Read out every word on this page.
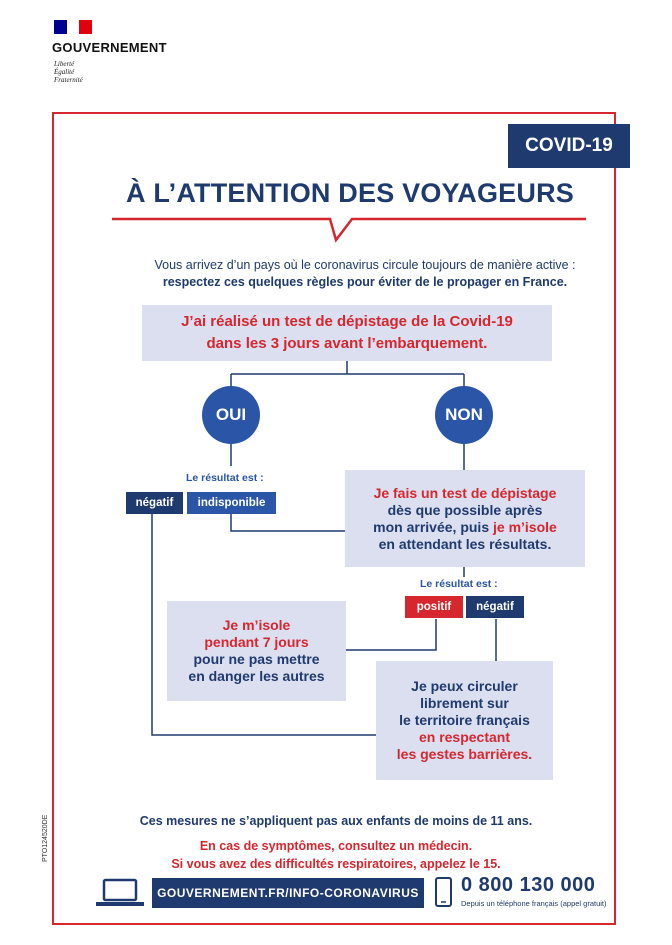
GOUVERNEMENT
Liberté
Égalité
Fraternité
COVID-19
À L’ATTENTION DES VOYAGEURS
Vous arrivez d’un pays où le coronavirus circule toujours de manière active :
respectez ces quelques règles pour éviter de le propager en France.
J’ai réalisé un test de dépistage de la Covid-19
dans les 3 jours avant l’embarquement.
OUI	NON
Le résultat est :
négatif	indisponible
Je fais un test de dépistage
dès que possible après
mon arrivée, puis je m’isole
en attendant les résultats.
Le résultat est :
positif	négatif
Je m’isole
pendant 7 jours
pour ne pas mettre
en danger les autres
Je peux circuler
librement sur
le territoire français
en respectant
les gestes barrières.
Ces mesures ne s’appliquent pas aux enfants de moins de 11 ans.
En cas de symptômes, consultez un médecin.
Si vous avez des difficultés respiratoires, appelez le 15.
GOUVERNEMENT.FR/INFO-CORONAVIRUS 0 800 130 000
Depuis un téléphone français (appel gratuit)
PTO124520DE
